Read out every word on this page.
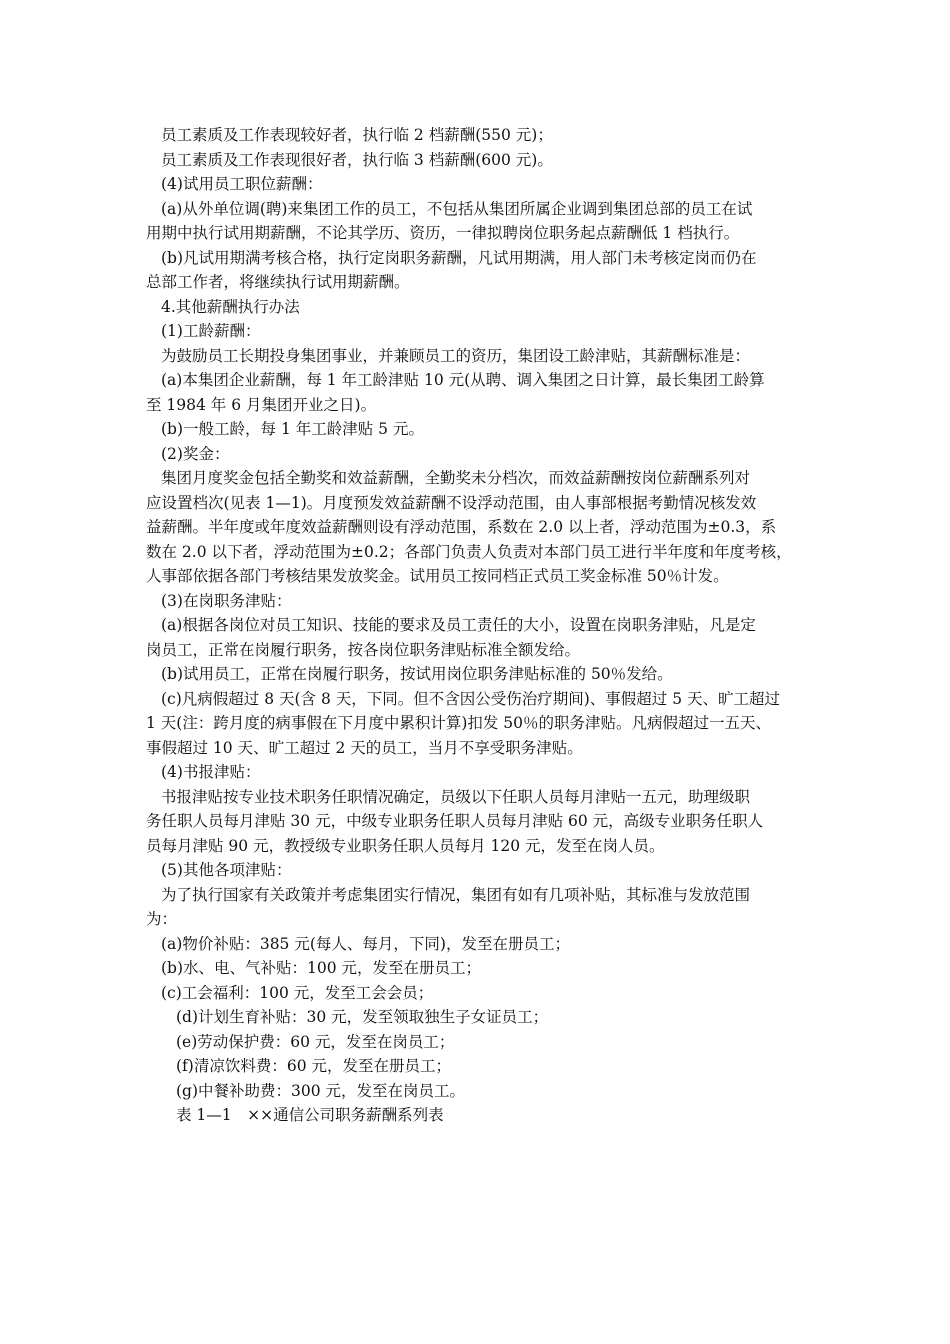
员工素质及工作表现较好者，执行临 2 档薪酬(550 元)；

员工素质及工作表现很好者，执行临 3 档薪酬(600 元)。

(4)试用员工职位薪酬：

(a)从外单位调(聘)来集团工作的员工，不包括从集团所属企业调到集团总部的员工在试

用期中执行试用期薪酬，不论其学历、资历，一律拟聘岗位职务起点薪酬低 1 档执行。

(b)凡试用期满考核合格，执行定岗职务薪酬，凡试用期满，用人部门未考核定岗而仍在

总部工作者，将继续执行试用期薪酬。

4.其他薪酬执行办法

(1)工龄薪酬：

为鼓励员工长期投身集团事业，并兼顾员工的资历，集团设工龄津贴，其薪酬标准是：

(a)本集团企业薪酬，每 1 年工龄津贴 10 元(从聘、调入集团之日计算，最长集团工龄算

至 1984 年 6 月集团开业之日)。

(b)一般工龄，每 1 年工龄津贴 5 元。

(2)奖金：

集团月度奖金包括全勤奖和效益薪酬，全勤奖未分档次，而效益薪酬按岗位薪酬系列对

应设置档次(见表 1—1)。月度预发效益薪酬不设浮动范围，由人事部根据考勤情况核发效

益薪酬。半年度或年度效益薪酬则设有浮动范围，系数在 2.0 以上者，浮动范围为±0.3，系

数在 2.0 以下者，浮动范围为±0.2；各部门负责人负责对本部门员工进行半年度和年度考核，

人事部依据各部门考核结果发放奖金。试用员工按同档正式员工奖金标准 50％计发。

(3)在岗职务津贴：

(a)根据各岗位对员工知识、技能的要求及员工责任的大小，设置在岗职务津贴，凡是定

岗员工，正常在岗履行职务，按各岗位职务津贴标准全额发给。

(b)试用员工，正常在岗履行职务，按试用岗位职务津贴标准的 50％发给。

(c)凡病假超过 8 天(含 8 天，下同。但不含因公受伤治疗期间)、事假超过 5 天、旷工超过

1 天(注：跨月度的病事假在下月度中累积计算)扣发 50％的职务津贴。凡病假超过一五天、

事假超过 10 天、旷工超过 2 天的员工，当月不享受职务津贴。

(4)书报津贴：

书报津贴按专业技术职务任职情况确定，员级以下任职人员每月津贴一五元，助理级职

务任职人员每月津贴 30 元，中级专业职务任职人员每月津贴 60 元，高级专业职务任职人

员每月津贴 90 元，教授级专业职务任职人员每月 120 元，发至在岗人员。

(5)其他各项津贴：

为了执行国家有关政策并考虑集团实行情况，集团有如有几项补贴，其标准与发放范围

为：

(a)物价补贴：385 元(每人、每月，下同)，发至在册员工；

(b)水、电、气补贴：100 元，发至在册员工；

(c)工会福利：100 元，发至工会会员；

(d)计划生育补贴：30 元，发至领取独生子女证员工；

(e)劳动保护费：60 元，发至在岗员工；

(f)清凉饮料费：60 元，发至在册员工；

(g)中餐补助费：300 元，发至在岗员工。

表 1—1　××通信公司职务薪酬系列表
